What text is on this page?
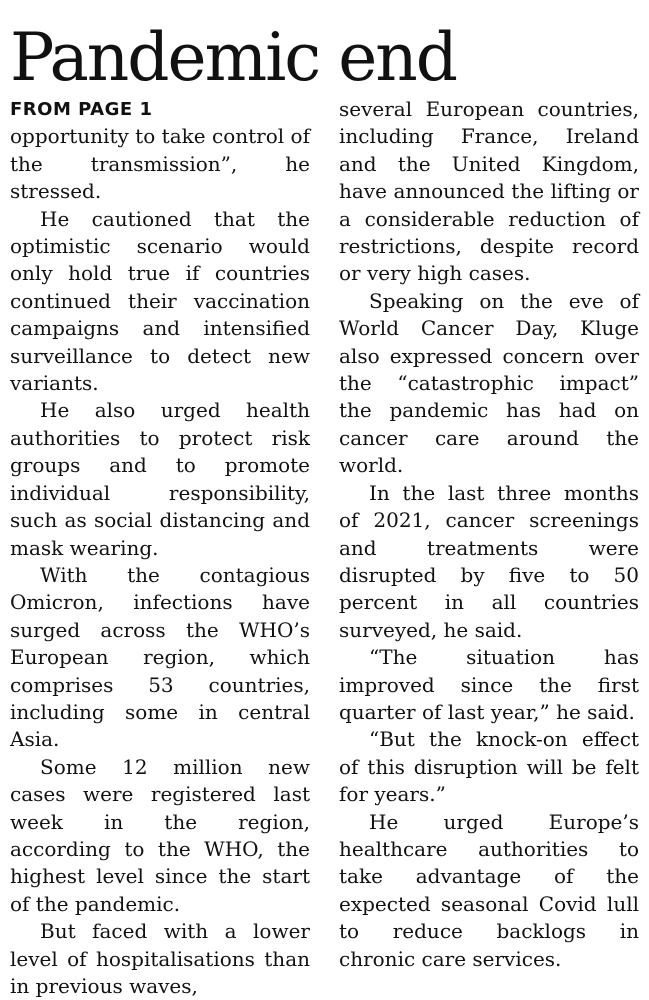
Pandemic end
FROM PAGE 1

opportunity to take control of the transmission”, he stressed.

He cautioned that the optimistic scenario would only hold true if countries continued their vaccination campaigns and intensified surveillance to detect new variants.

He also urged health authorities to protect risk groups and to promote individual responsibility, such as social distancing and mask wearing.

With the contagious Omicron, infections have surged across the WHO’s European region, which comprises 53 countries, including some in central Asia.

Some 12 million new cases were registered last week in the region, according to the WHO, the highest level since the start of the pandemic.

But faced with a lower level of hospitalisations than in previous waves,

several European countries, including France, Ireland and the United Kingdom, have announced the lifting or a considerable reduction of restrictions, despite record or very high cases.

Speaking on the eve of World Cancer Day, Kluge also expressed concern over the “catastrophic impact” the pandemic has had on cancer care around the world.

In the last three months of 2021, cancer screenings and treatments were disrupted by five to 50 percent in all countries surveyed, he said.

“The situation has improved since the first quarter of last year,” he said.

“But the knock-on effect of this disruption will be felt for years.”

He urged Europe’s healthcare authorities to take advantage of the expected seasonal Covid lull to reduce backlogs in chronic care services.
